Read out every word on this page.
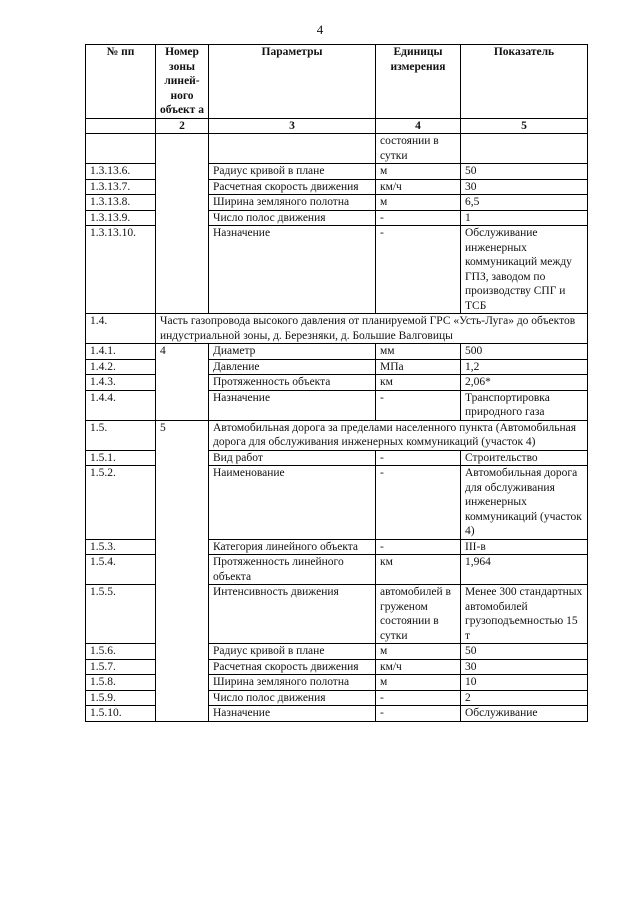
4
№ пп	Номер зоны линей-ного объект а	Параметры	Единицы измерения	Показатель
	2	3	4	5
			состоянии в сутки	
1.3.13.6.		Радиус кривой в плане	м	50
1.3.13.7.		Расчетная скорость движения	км/ч	30
1.3.13.8.		Ширина земляного полотна	м	6,5
1.3.13.9.		Число полос движения	-	1
1.3.13.10.		Назначение	-	Обслуживание инженерных коммуникаций между ГПЗ, заводом по производству СПГ и ТСБ
1.4.	Часть газопровода высокого давления от планируемой ГРС «Усть-Луга» до объектов индустриальной зоны, д. Березняки, д. Большие Валговицы			
1.4.1.	4	Диаметр	мм	500
1.4.2.		Давление	МПа	1,2
1.4.3.		Протяженность объекта	км	2,06*
1.4.4.		Назначение	-	Транспортировка природного газа
1.5.	5	Автомобильная дорога за пределами населенного пункта (Автомобильная дорога для обслуживания инженерных коммуникаций (участок 4)		
1.5.1.		Вид работ	-	Строительство
1.5.2.		Наименование	-	Автомобильная дорога для обслуживания инженерных коммуникаций (участок 4)
1.5.3.		Категория линейного объекта	-	III-в
1.5.4.		Протяженность линейного объекта	км	1,964
1.5.5.		Интенсивность движения	автомобилей в груженом состоянии в сутки	Менее 300 стандартных автомобилей грузоподъемностью 15 т
1.5.6.		Радиус кривой в плане	м	50
1.5.7.		Расчетная скорость движения	км/ч	30
1.5.8.		Ширина земляного полотна	м	10
1.5.9.		Число полос движения	-	2
1.5.10.		Назначение	-	Обслуживание
